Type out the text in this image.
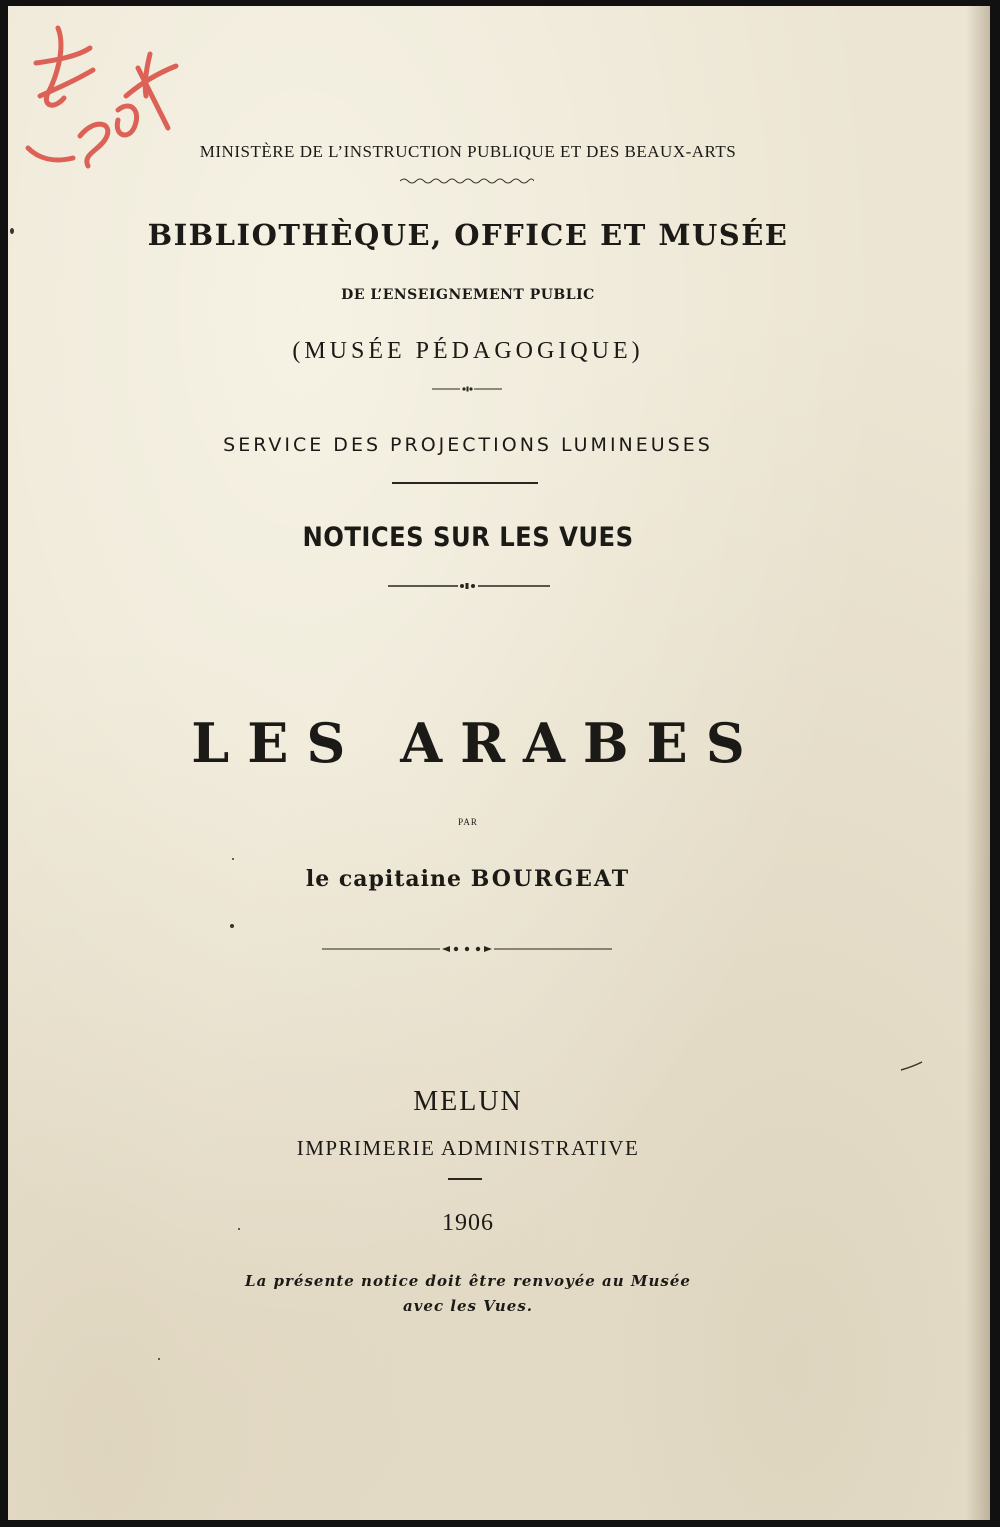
MINISTÈRE DE L’INSTRUCTION PUBLIQUE ET DES BEAUX-ARTS
BIBLIOTHÈQUE, OFFICE ET MUSÉE
DE L’ENSEIGNEMENT PUBLIC
(MUSÉE PÉDAGOGIQUE)
SERVICE DES PROJECTIONS LUMINEUSES
NOTICES SUR LES VUES
LES ARABES
PAR
le capitaine BOURGEAT
MELUN
IMPRIMERIE ADMINISTRATIVE
1906
La présente notice doit être renvoyée au Musée
avec les Vues.
